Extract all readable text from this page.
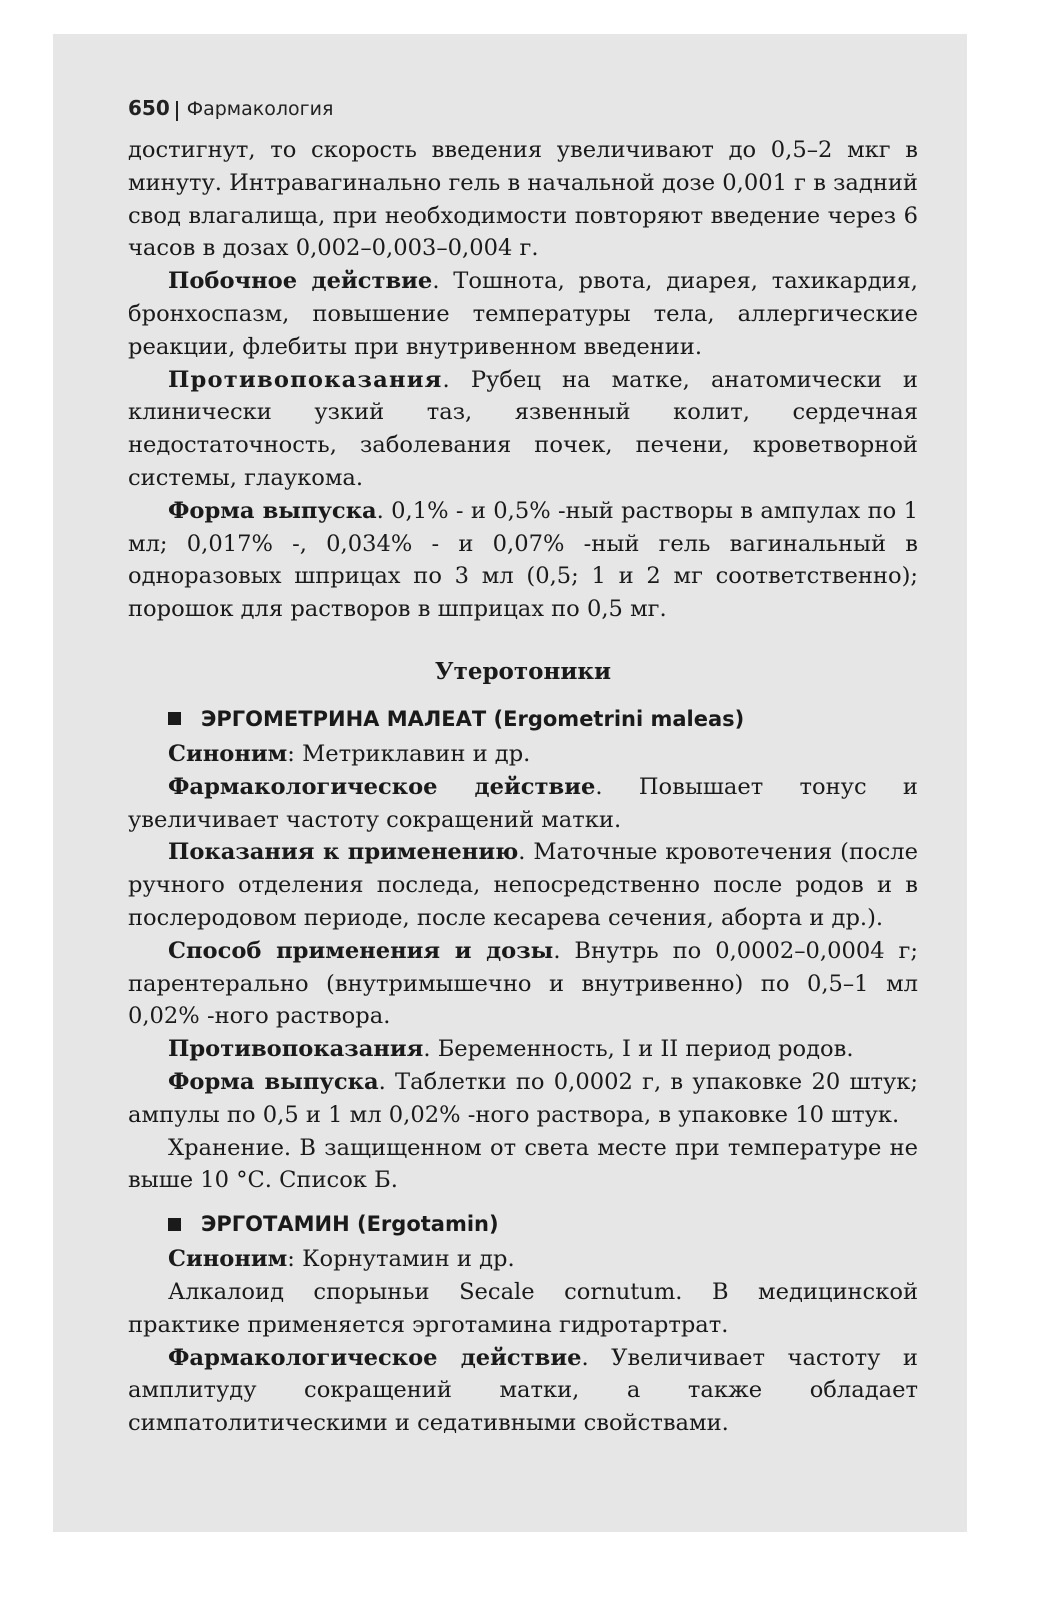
650 Фармакология

достигнут, то скорость введения увеличивают до 0,5–2 мкг в минуту. Интравагинально гель в начальной дозе 0,001 г в задний свод влагалища, при необходимости повторяют введение через 6 часов в дозах 0,002–0,003–0,004 г.

Побочное действие. Тошнота, рвота, диарея, тахикардия, бронхоспазм, повышение температуры тела, аллергические реакции, флебиты при внутривенном введении.

Противопоказания. Рубец на матке, анатомически и клинически узкий таз, язвенный колит, сердечная недостаточность, заболевания почек, печени, кроветворной системы, глаукома.

Форма выпуска. 0,1% - и 0,5% -ный растворы в ампулах по 1 мл; 0,017% -, 0,034% - и 0,07% -ный гель вагинальный в одноразовых шприцах по 3 мл (0,5; 1 и 2 мг соответственно); порошок для растворов в шприцах по 0,5 мг.

Утеротоники
ЭРГОМЕТРИНА МАЛЕАТ
(Ergometrini maleas)

Синоним: Метриклавин и др.

Фармакологическое действие. Повышает тонус и увеличивает частоту сокращений матки.

Показания к применению. Маточные кровотечения (после ручного отделения последа, непосредственно после родов и в послеродовом периоде, после кесарева сечения, аборта и др.).

Способ применения и дозы. Внутрь по 0,0002–0,0004 г; парентерально (внутримышечно и внутривенно) по 0,5–1 мл 0,02% -ного раствора.

Противопоказания. Беременность, I и II период родов.

Форма выпуска. Таблетки по 0,0002 г, в упаковке 20 штук; ампулы по 0,5 и 1 мл 0,02% -ного раствора, в упаковке 10 штук.

Хранение. В защищенном от света месте при температуре не выше 10 °С. Список Б.

ЭРГОТАМИН
(Ergotamin)

Синоним: Корнутамин и др.

Алкалоид спорыньи Secale cornutum. В медицинской практике применяется эрготамина гидротартрат.

Фармакологическое действие. Увеличивает частоту и амплитуду сокращений матки, а также обладает симпатолитическими и седативными свойствами.
